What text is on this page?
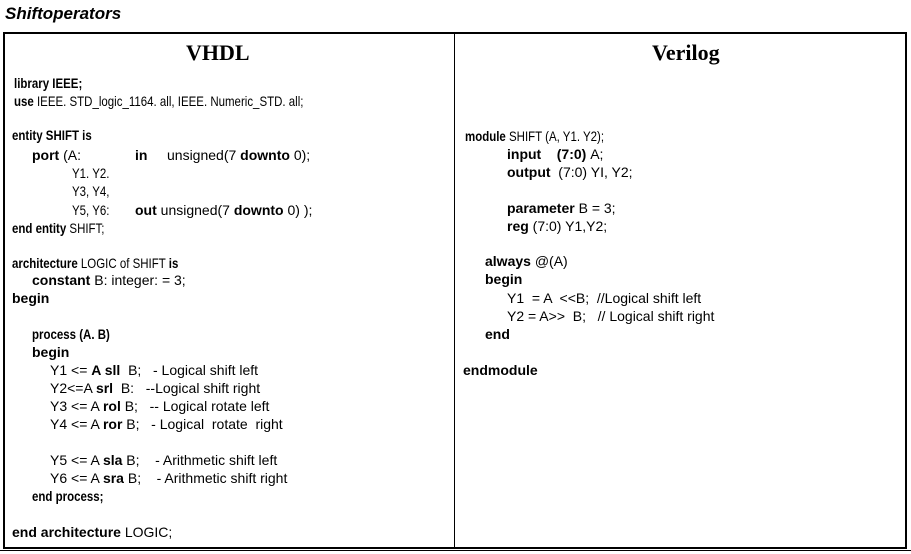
Shiftoperators
VHDL	Verilog
library IEEE;
use IEEE. STD_logic_1164. all, IEEE. Numeric_STD. all;
entity SHIFT is
port (A:	in unsigned(7 downto 0);
Y1. Y2.
Y3, Y4,
Y5, Y6: out unsigned(7 downto 0) );
end entity SHIFT;
architecture LOGIC of SHIFT is
constant B: integer: = 3;
begin
process (A. B)
begin
Y1 <= A sll  B;   - Logical shift left
Y2<=A srl  B:   --Logical shift right
Y3 <= A rol B;   -- Logical rotate left
Y4 <= A ror B;   - Logical  rotate  right
Y5 <= A sla B;    - Arithmetic shift left
Y6 <= A sra B;    - Arithmetic shift right
end process;
end architecture LOGIC;
module SHIFT (A, Y1. Y2);
input    (7:0) A;
output  (7:0) YI, Y2;
parameter B = 3;
reg (7:0) Y1,Y2;
always @(A)
begin
Y1  = A  <<B;  //Logical shift left
Y2 = A>>  B;   // Logical shift right
end
endmodule
